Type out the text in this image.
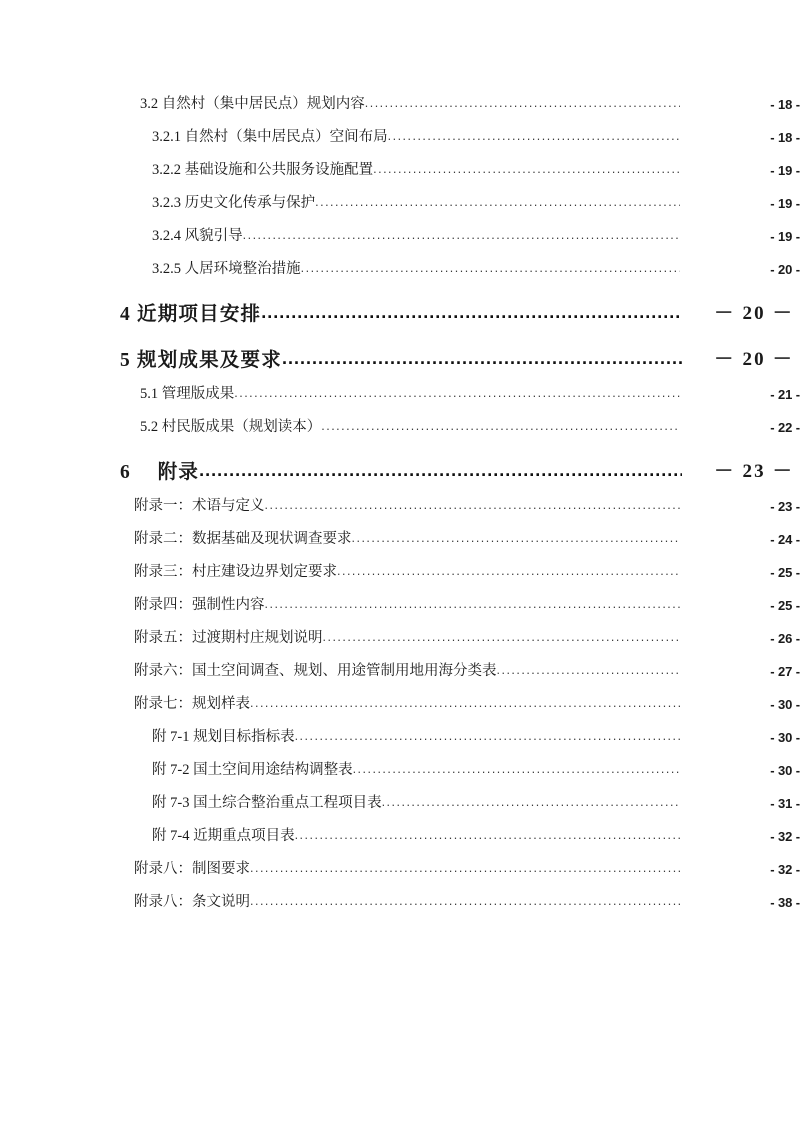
3.2 自然村（集中居民点）规划内容 .....	- 18 -
3.2.1 自然村（集中居民点）空间布局 .....	- 18 -
3.2.2 基础设施和公共服务设施配置 .....	- 19 -
3.2.3 历史文化传承与保护 .....	- 19 -
3.2.4 风貌引导 .....	- 19 -
3.2.5 人居环境整治措施 .....	- 20 -
4 近期项目安排 .....	－ 20 －
5 规划成果及要求 .....	－ 20 －
5.1 管理版成果 .....	- 21 -
5.2 村民版成果（规划读本） .....	- 22 -
6　 附录 .....	－ 23 －
附录一：术语与定义 .....	- 23 -
附录二：数据基础及现状调查要求 .....	- 24 -
附录三：村庄建设边界划定要求 .....	- 25 -
附录四：强制性内容 .....	- 25 -
附录五：过渡期村庄规划说明 .....	- 26 -
附录六：国土空间调查、规划、用途管制用地用海分类表 .....	- 27 -
附录七：规划样表 .....	- 30 -
附 7-1 规划目标指标表 .....	- 30 -
附 7-2 国土空间用途结构调整表 .....	- 30 -
附 7-3 国土综合整治重点工程项目表 .....	- 31 -
附 7-4 近期重点项目表 .....	- 32 -
附录八：制图要求 .....	- 32 -
附录八：条文说明 .....	- 38 -
